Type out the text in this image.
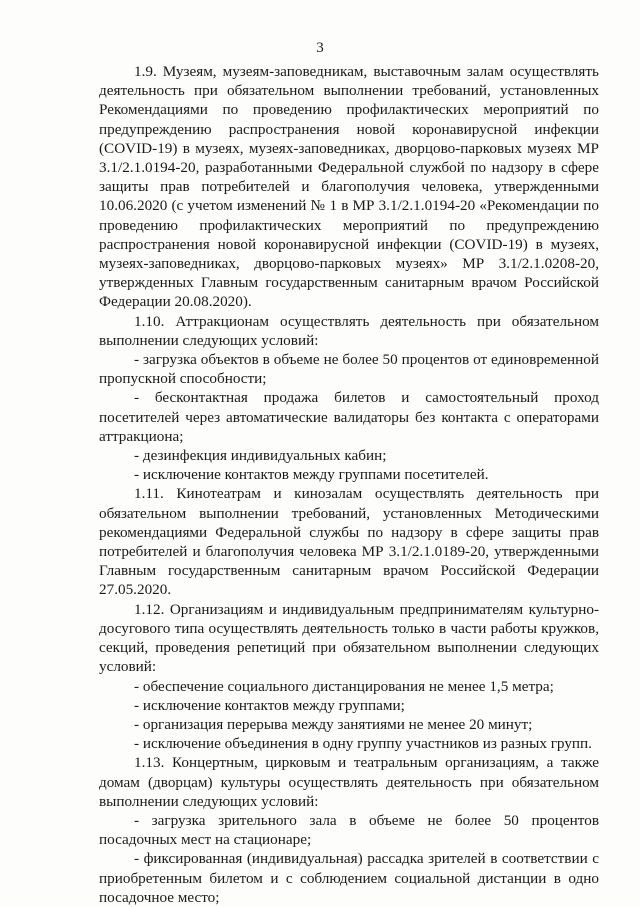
3

1.9. Музеям, музеям-заповедникам, выставочным залам осуществлять деятельность при обязательном выполнении требований, установленных Рекомендациями по проведению профилактических мероприятий по предупреждению распространения новой коронавирусной инфекции (COVID-19) в музеях, музеях-заповедниках, дворцово-парковых музеях МР 3.1/2.1.0194-20, разработанными Федеральной службой по надзору в сфере защиты прав потребителей и благополучия человека, утвержденными 10.06.2020 (с учетом изменений № 1 в МР 3.1/2.1.0194-20 «Рекомендации по проведению профилактических мероприятий по предупреждению распространения новой коронавирусной инфекции (COVID-19) в музеях, музеях-заповедниках, дворцово-парковых музеях» МР 3.1/2.1.0208-20, утвержденных Главным государственным санитарным врачом Российской Федерации 20.08.2020).

1.10. Аттракционам осуществлять деятельность при обязательном выполнении следующих условий:

- загрузка объектов в объеме не более 50 процентов от единовременной пропускной способности;

- бесконтактная продажа билетов и самостоятельный проход посетителей через автоматические валидаторы без контакта с операторами аттракциона;

- дезинфекция индивидуальных кабин;

- исключение контактов между группами посетителей.

1.11. Кинотеатрам и кинозалам осуществлять деятельность при обязательном выполнении требований, установленных Методическими рекомендациями Федеральной службы по надзору в сфере защиты прав потребителей и благополучия человека МР 3.1/2.1.0189-20, утвержденными Главным государственным санитарным врачом Российской Федерации 27.05.2020.

1.12. Организациям и индивидуальным предпринимателям культурно-досугового типа осуществлять деятельность только в части работы кружков, секций, проведения репетиций при обязательном выполнении следующих условий:

- обеспечение социального дистанцирования не менее 1,5 метра;

- исключение контактов между группами;

- организация перерыва между занятиями не менее 20 минут;

- исключение объединения в одну группу участников из разных групп.

1.13. Концертным, цирковым и театральным организациям, а также домам (дворцам) культуры осуществлять деятельность при обязательном выполнении следующих условий:

- загрузка зрительного зала в объеме не более 50 процентов посадочных мест на стационаре;

- фиксированная (индивидуальная) рассадка зрителей в соответствии с приобретенным билетом и с соблюдением социальной дистанции в одно посадочное место;
